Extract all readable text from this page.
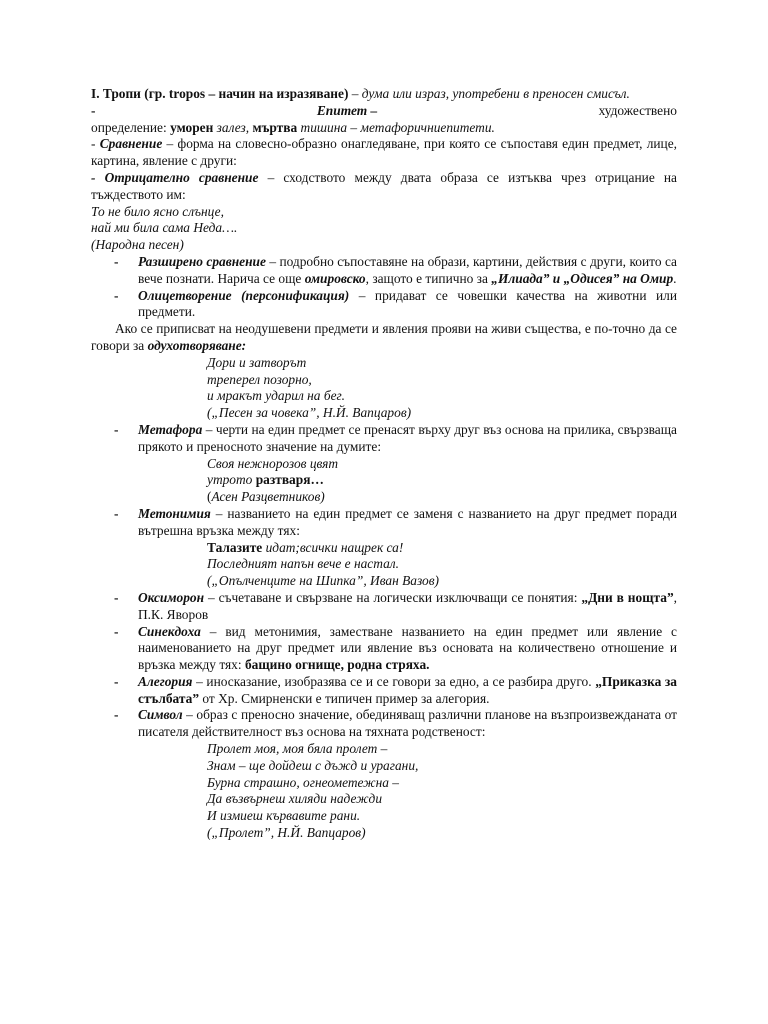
I. Тропи (гр. tropos – начин на изразяване) – дума или израз, употребени в преносен смисъл.

-	Епитет –	художествено

определение: уморен залез, мъртва тишина – метафоричниепитети.

- Сравнение – форма на словесно-образно онагледяване, при която се съпоставя един предмет, лице, картина, явление с други:

- Отрицателно сравнение – сходството между двата образа се изтъква чрез отрицание на тъждеството им:

То не било ясно слънце,
най ми била сама Неда….
(Народна песен)
- Разширено сравнение – подробно съпоставяне на образи, картини, действия с други, които са вече познати. Нарича се още омировско, защото е типично за „Илиада” и „Одисея” на Омир.
- Олицетворение (персонификация) – придават се човешки качества на животни или предмети.

Ако се приписват на неодушевени предмети и явления прояви на живи същества, е по-точно да се говори за одухотворяване:

Дори и затворът
треперел позорно,
и мракът ударил на бег.
(„Песен за човека”, Н.Й. Вапцаров)
- Метафора – черти на един предмет се пренасят върху друг въз основа на прилика, свързваща прякото и преносното значение на думите:
Своя нежнорозов цвят
утрото разтваря…
(Асен Разцветников)
- Метонимия – названието на един предмет се заменя с названието на друг предмет поради вътрешна връзка между тях:
Талазите идат;всички нащрек са!
Последният напън вече е настал.
(„Опълченците на Шипка”, Иван Вазов)
- Оксиморон – съчетаване и свързване на логически изключващи се понятия: „Дни в нощта”, П.К. Яворов
- Синекдоха – вид метонимия, заместване названието на един предмет или явление с наименованието на друг предмет или явление въз основата на количествено отношение и връзка между тях: бащино огнище, родна стряха.
- Алегория – иносказание, изобразява се и се говори за едно, а се разбира друго. „Приказка за стълбата” от Хр. Смирненски е типичен пример за алегория.
- Символ – образ с преносно значение, обединяващ различни планове на възпроизвежданата от писателя действителност въз основа на тяхната родственост:
Пролет моя, моя бяла пролет –
Знам – ще дойдеш с дъжд и урагани,
Бурна страшно, огнеометежна –
Да възвърнеш хиляди надежди
И измиеш кървавите рани.
(„Пролет”, Н.Й. Вапцаров)
